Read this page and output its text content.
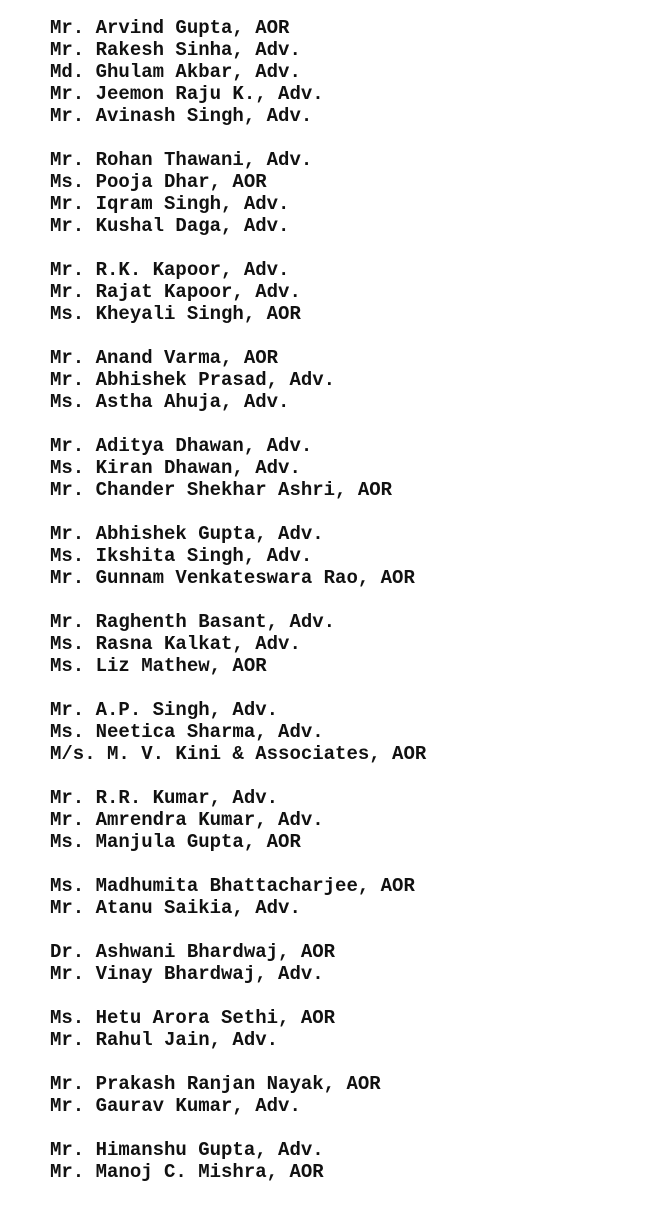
Mr. Arvind Gupta, AOR
Mr. Rakesh Sinha, Adv.
Md. Ghulam Akbar, Adv.
Mr. Jeemon Raju K., Adv.
Mr. Avinash Singh, Adv.
Mr. Rohan Thawani, Adv.
Ms. Pooja Dhar, AOR
Mr. Iqram Singh, Adv.
Mr. Kushal Daga, Adv.
Mr. R.K. Kapoor, Adv.
Mr. Rajat Kapoor, Adv.
Ms. Kheyali Singh, AOR
Mr. Anand Varma, AOR
Mr. Abhishek Prasad, Adv.
Ms. Astha Ahuja, Adv.
Mr. Aditya Dhawan, Adv.
Ms. Kiran Dhawan, Adv.
Mr. Chander Shekhar Ashri, AOR
Mr. Abhishek Gupta, Adv.
Ms. Ikshita Singh, Adv.
Mr. Gunnam Venkateswara Rao, AOR
Mr. Raghenth Basant, Adv.
Ms. Rasna Kalkat, Adv.
Ms. Liz Mathew, AOR
Mr. A.P. Singh, Adv.
Ms. Neetica Sharma, Adv.
M/s. M. V. Kini & Associates, AOR
Mr. R.R. Kumar, Adv.
Mr. Amrendra Kumar, Adv.
Ms. Manjula Gupta, AOR
Ms. Madhumita Bhattacharjee, AOR
Mr. Atanu Saikia, Adv.
Dr. Ashwani Bhardwaj, AOR
Mr. Vinay Bhardwaj, Adv.
Ms. Hetu Arora Sethi, AOR
Mr. Rahul Jain, Adv.
Mr. Prakash Ranjan Nayak, AOR
Mr. Gaurav Kumar, Adv.
Mr. Himanshu Gupta, Adv.
Mr. Manoj C. Mishra, AOR
